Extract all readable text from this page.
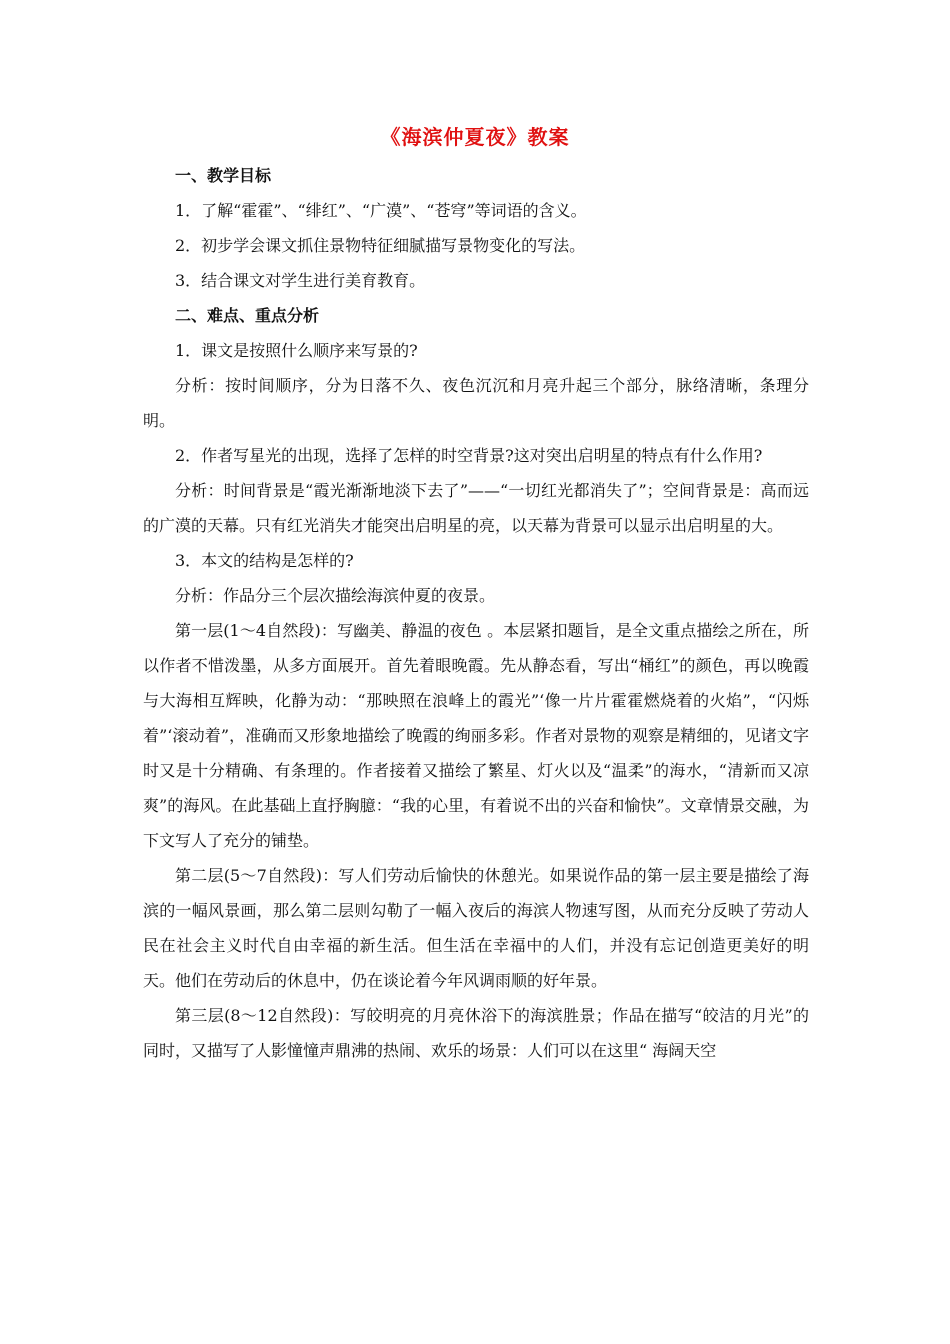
《海滨仲夏夜》教案

一、教学目标

1．了解“霍霍”、“绯红”、“广漠”、“苍穹”等词语的含义。

2．初步学会课文抓住景物特征细腻描写景物变化的写法。

3．结合课文对学生进行美育教育。

二、难点、重点分析

1．课文是按照什么顺序来写景的?

分析：按时间顺序，分为日落不久、夜色沉沉和月亮升起三个部分，脉络清晰，条理分明。

2．作者写星光的出现，选择了怎样的时空背景?这对突出启明星的特点有什么作用?

分析：时间背景是“霞光渐渐地淡下去了”——“一切红光都消失了”；空间背景是：高而远的广漠的天幕。只有红光消失才能突出启明星的亮，以天幕为背景可以显示出启明星的大。

3．本文的结构是怎样的?

分析：作品分三个层次描绘海滨仲夏的夜景。

第一层(1～4自然段)：写幽美、静温的夜色 。本层紧扣题旨，是全文重点描绘之所在，所以作者不惜泼墨，从多方面展开。首先着眼晚霞。先从静态看，写出“桶红”的颜色，再以晚霞与大海相互辉映，化静为动：“那映照在浪峰上的霞光”‘像一片片霍霍燃烧着的火焰”，“闪烁着”‘滚动着”，准确而又形象地描绘了晚霞的绚丽多彩。作者对景物的观察是精细的，见诸文字时又是十分精确、有条理的。作者接着又描绘了繁星、灯火以及“温柔”的海水，“清新而又凉爽”的海风。在此基础上直抒胸臆：“我的心里，有着说不出的兴奋和愉快”。文章情景交融，为下文写人了充分的铺垫。

第二层(5～7自然段)：写人们劳动后愉快的休憩光。如果说作品的第一层主要是描绘了海滨的一幅风景画，那么第二层则勾勒了一幅入夜后的海滨人物速写图，从而充分反映了劳动人民在社会主义时代自由幸福的新生活。但生活在幸福中的人们，并没有忘记创造更美好的明天。他们在劳动后的休息中，仍在谈论着今年风调雨顺的好年景。

第三层(8～12自然段)：写皎明亮的月亮休浴下的海滨胜景；作品在描写“皎洁的月光”的同时，又描写了人影憧憧声鼎沸的热闹、欢乐的场景：人们可以在这里“ 海阔天空
